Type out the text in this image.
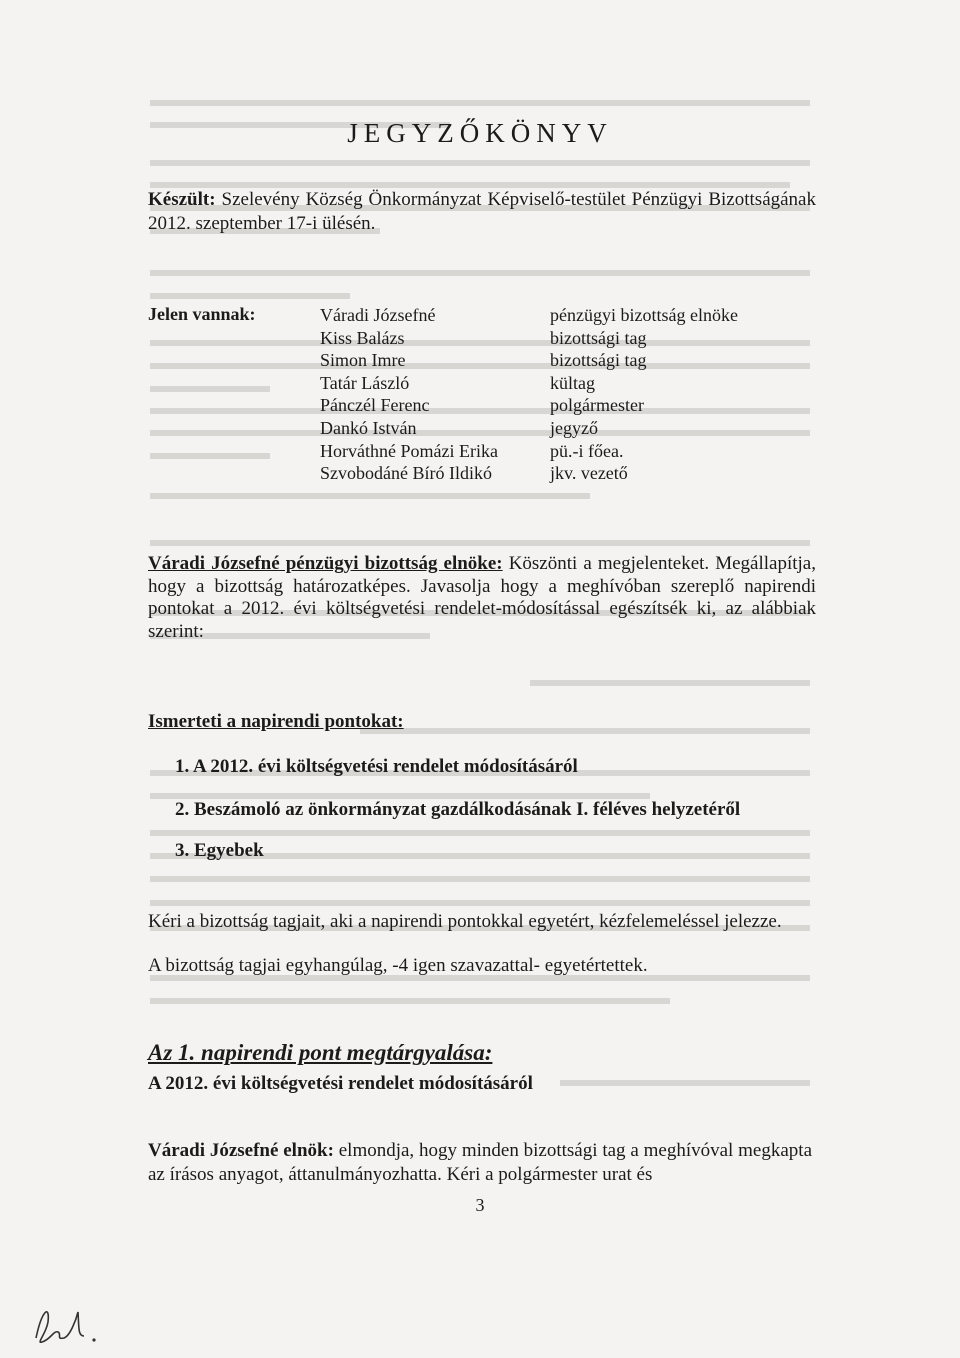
JEGYZŐKÖNYV
Készült: Szelevény Község Önkormányzat Képviselő-testület Pénzügyi Bizottságának 2012. szeptember 17-i ülésén.
Jelen vannak:	Váradi Józsefné
Kiss Balázs
Simon Imre
Tatár László
Pánczél Ferenc
Dankó István
Horváthné Pomázi Erika
Szvobodáné Bíró Ildikó
pénzügyi bizottság elnöke
bizottsági tag
bizottsági tag
kültag
polgármester
jegyző
pü.-i főea.
jkv. vezető
Váradi Józsefné pénzügyi bizottság elnöke: Köszönti a megjelenteket. Megállapítja, hogy a bizottság határozatképes. Javasolja hogy a meghívóban szereplő napirendi pontokat a 2012. évi költségvetési rendelet-módosítással egészítsék ki, az alábbiak szerint:
Ismerteti a napirendi pontokat:
1. A 2012. évi költségvetési rendelet módosításáról
2. Beszámoló az önkormányzat gazdálkodásának I. féléves helyzetéről
3. Egyebek
Kéri a bizottság tagjait, aki a napirendi pontokkal egyetért, kézfelemeléssel jelezze.
A bizottság tagjai egyhangúlag, -4 igen szavazattal- egyetértettek.
Az 1. napirendi pont megtárgyalása:
A 2012. évi költségvetési rendelet módosításáról
Váradi Józsefné elnök: elmondja, hogy minden bizottsági tag a meghívóval megkapta az írásos anyagot, áttanulmányozhatta. Kéri a polgármester urat és
3
